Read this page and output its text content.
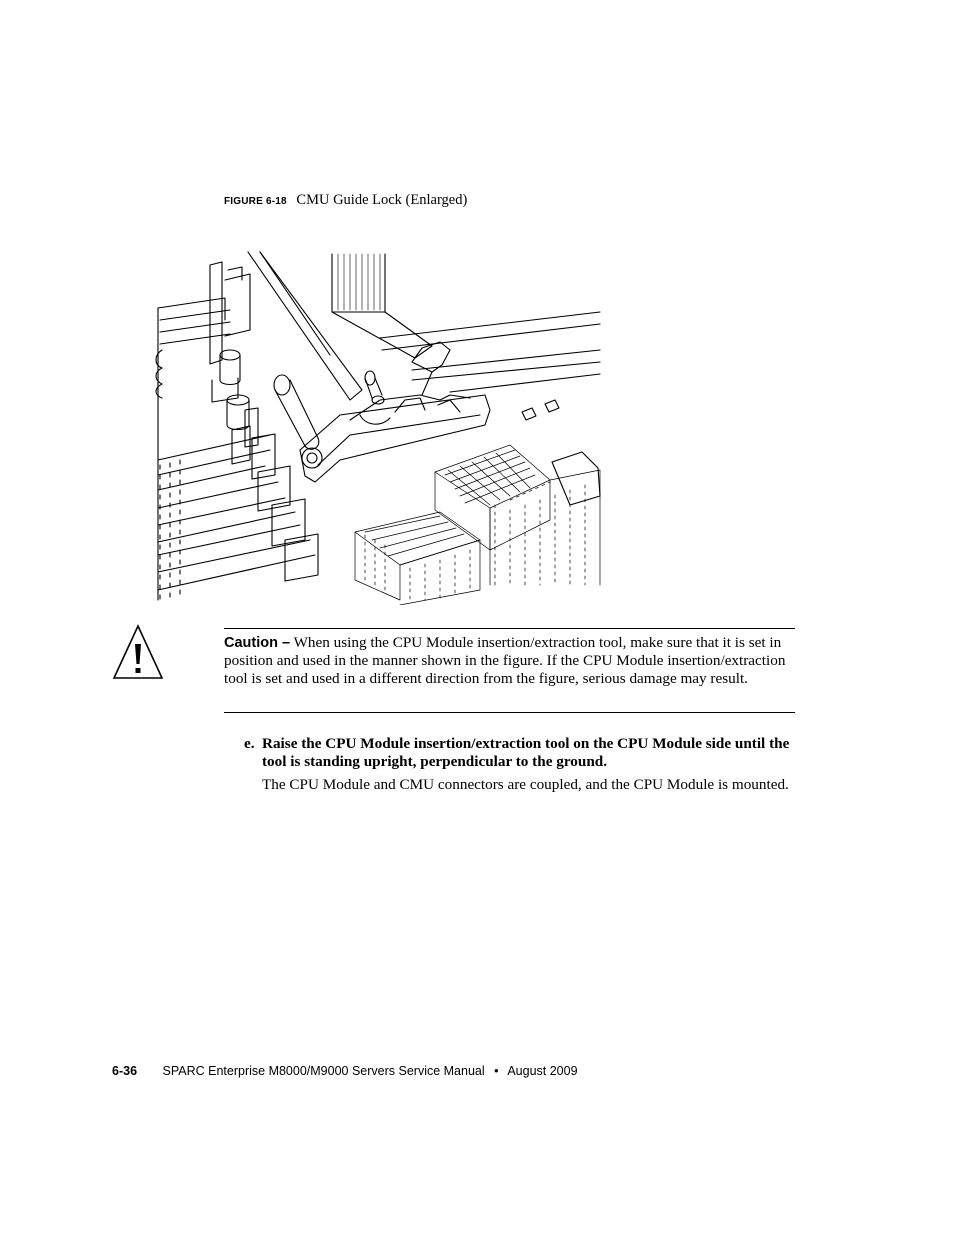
FIGURE 6-18 CMU Guide Lock (Enlarged)
Caution – When using the CPU Module insertion/extraction tool, make sure that it is set in position and used in the manner shown in the figure. If the CPU Module insertion/extraction tool is set and used in a different direction from the figure, serious damage may result.
e. Raise the CPU Module insertion/extraction tool on the CPU Module side until the tool is standing upright, perpendicular to the ground.
The CPU Module and CMU connectors are coupled, and the CPU Module is mounted.
6-36 SPARC Enterprise M8000/M9000 Servers Service Manual • August 2009
